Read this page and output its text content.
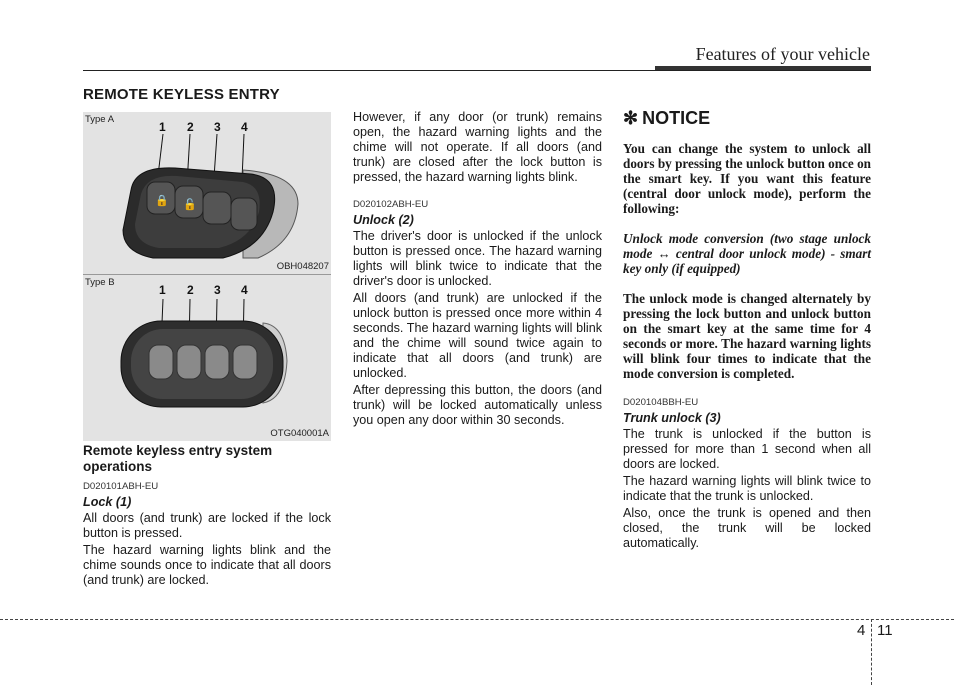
Features of your vehicle
REMOTE KEYLESS ENTRY
Type A
1 2 3 4
🔒 🔓
OBH048207
Type B
1 2 3 4
OTG040001A

Remote keyless entry system operations

D020101ABH-EU

Lock (1)

All doors (and trunk) are locked if the lock button is pressed.

The hazard warning lights blink and the chime sounds once to indicate that all doors (and trunk) are locked.

However, if any door (or trunk) remains open, the hazard warning lights and the chime will not operate. If all doors (and trunk) are closed after the lock button is pressed, the hazard warning lights blink.

D020102ABH-EU

Unlock (2)

The driver's door is unlocked if the unlock button is pressed once. The hazard warning lights will blink twice to indicate that the driver's door is unlocked.

All doors (and trunk) are unlocked if the unlock button is pressed once more within 4 seconds. The hazard warning lights will blink and the chime will sound twice again to indicate that all doors (and trunk) are unlocked.

After depressing this button, the doors (and trunk) will be locked automatically unless you open any door within 30 seconds.

✻ NOTICE

You can change the system to unlock all doors by pressing the unlock button once on the smart key. If you want this feature (central door unlock mode), perform the following:

Unlock mode conversion (two stage unlock mode ↔ central door unlock mode) - smart key only (if equipped)

The unlock mode is changed alternately by pressing the lock button and unlock button on the smart key at the same time for 4 seconds or more. The hazard warning lights will blink four times to indicate that the mode conversion is completed.

D020104BBH-EU

Trunk unlock (3)

The trunk is unlocked if the button is pressed for more than 1 second when all doors are locked.

The hazard warning lights will blink twice to indicate that the trunk is unlocked.

Also, once the trunk is opened and then closed, the trunk will be locked automatically.

4 11
